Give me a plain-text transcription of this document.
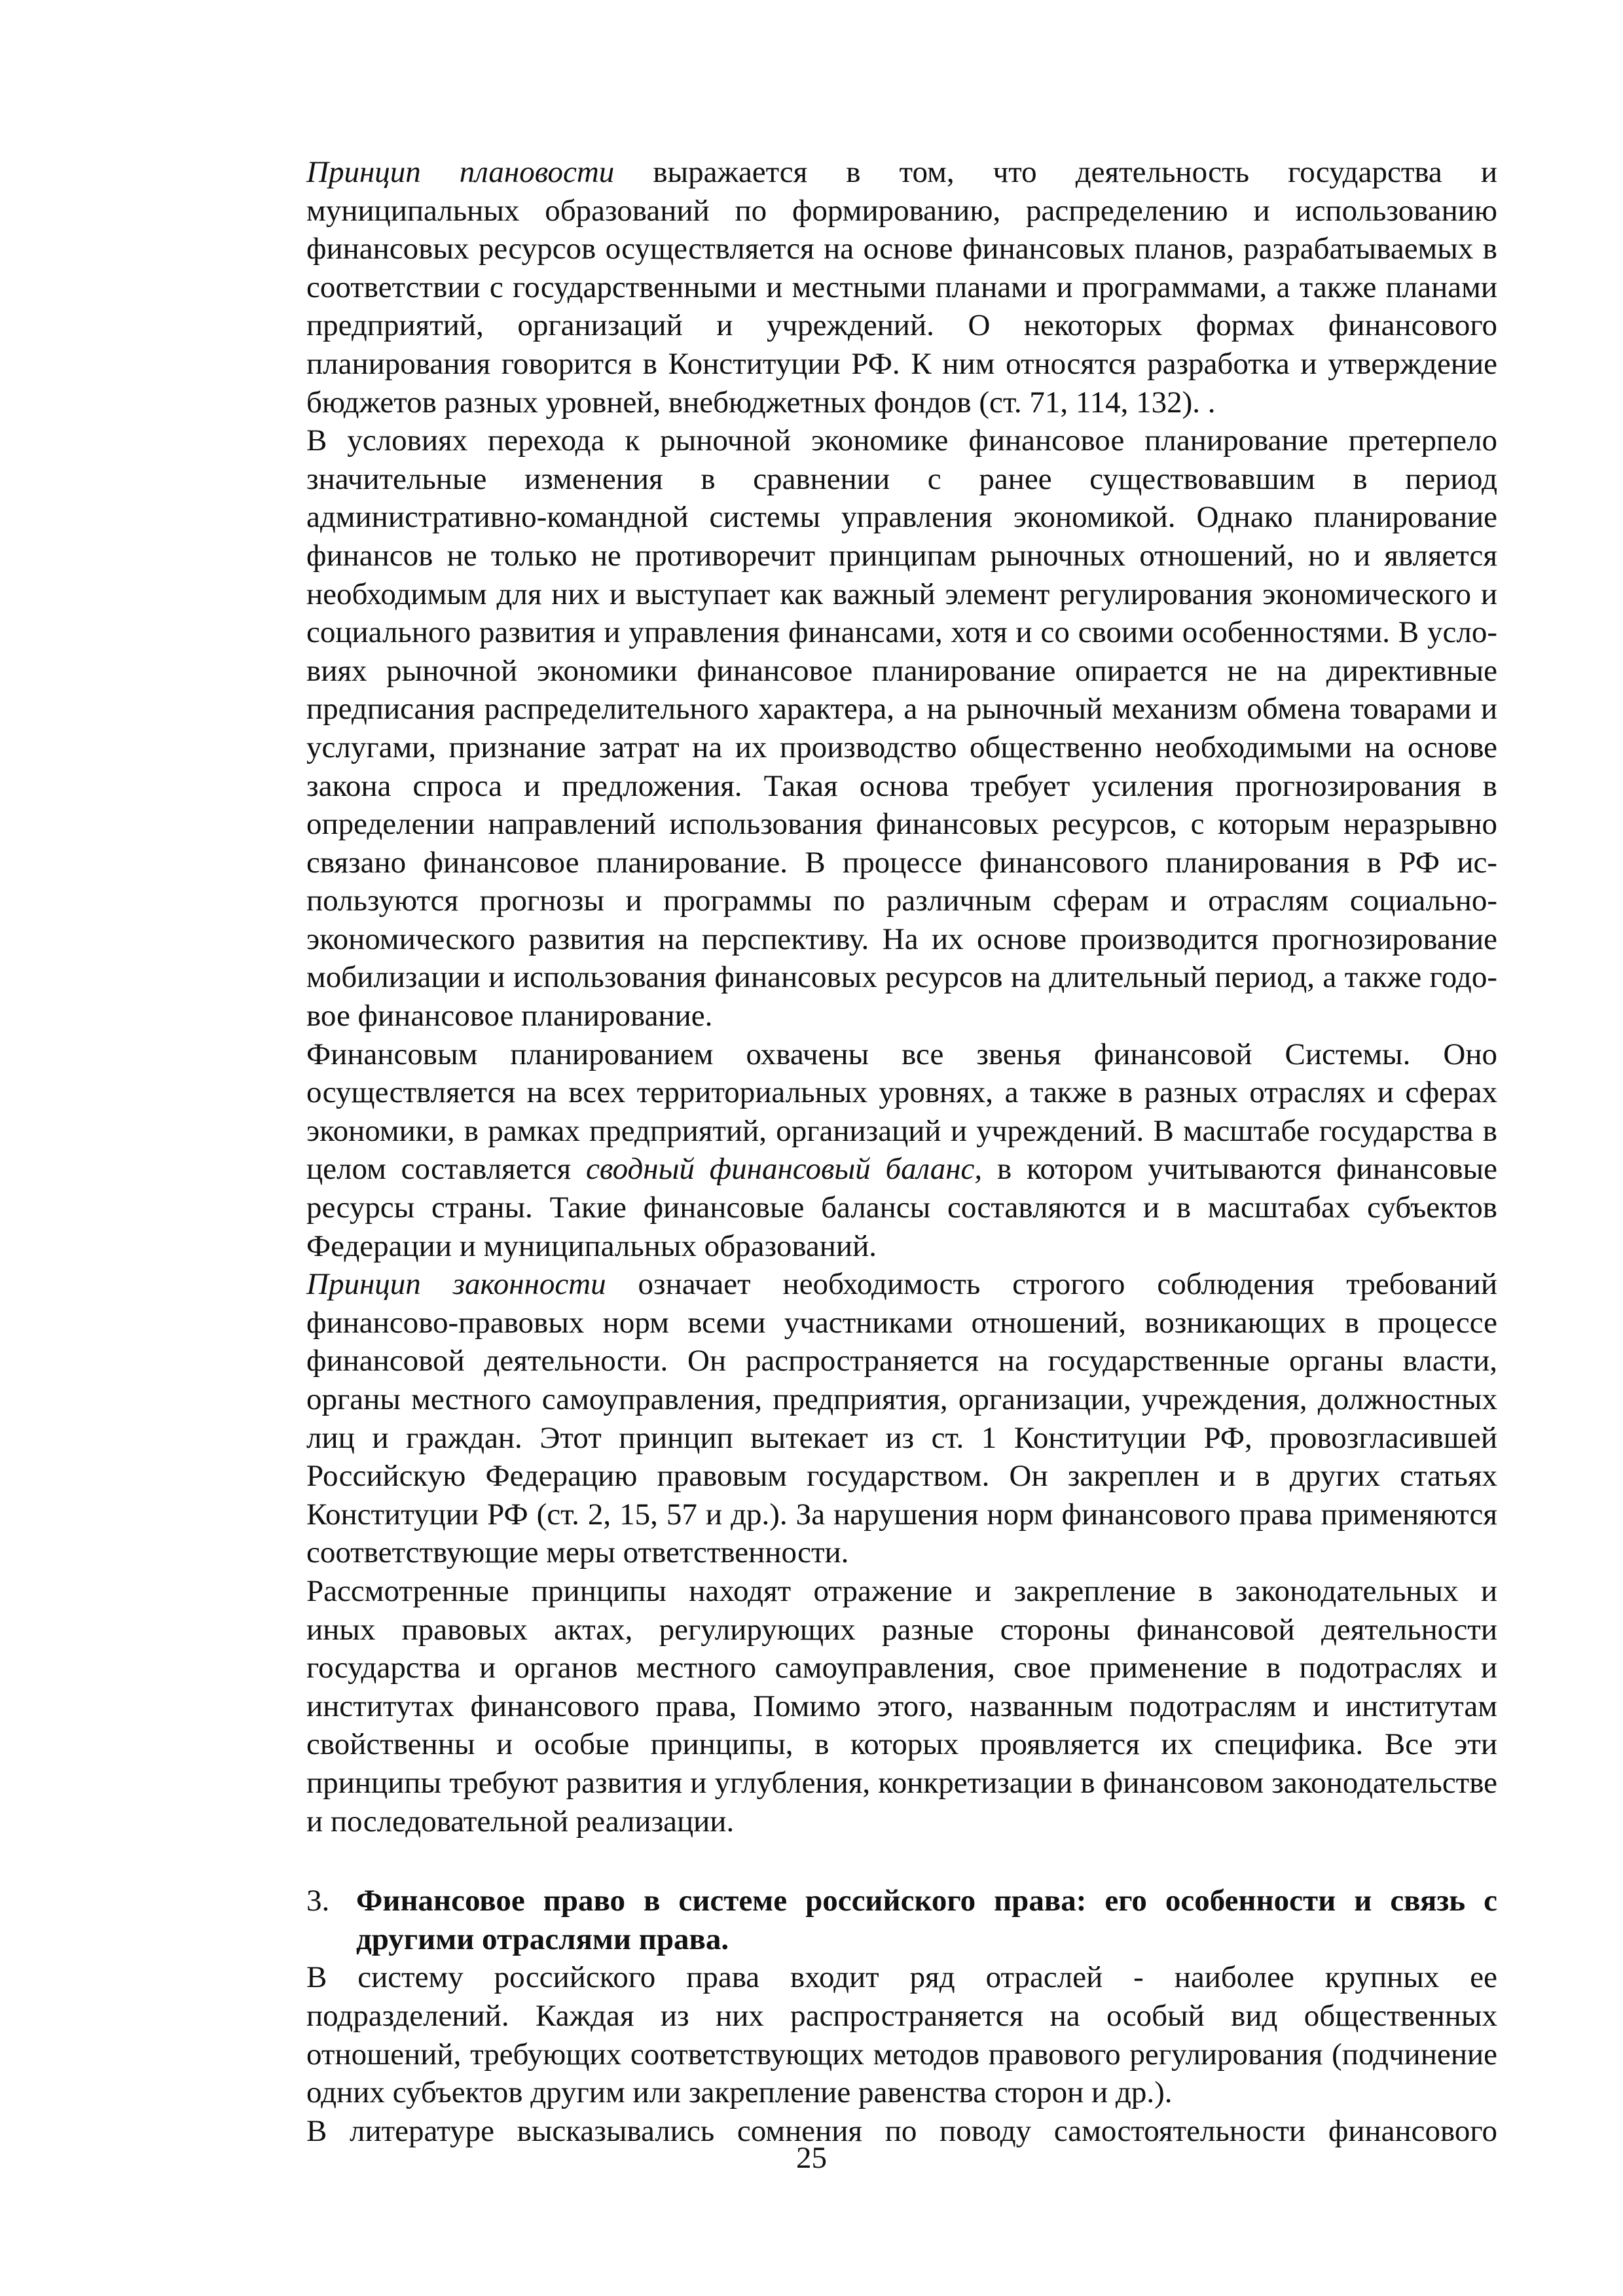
Принцип плановости выражается в том, что деятельность государства и
муниципальных образований по формированию, распределению и использованию
финансовых ресурсов осуществляется на основе финансовых планов, разрабатываемых в
соответствии с государственными и местными планами и программами, а также планами
предприятий, организаций и учреждений. О некоторых формах финансового
планирования говорится в Конституции РФ. К ним относятся разработка и утверждение
бюджетов разных уровней, внебюджетных фондов (ст. 71, 114, 132). .
В условиях перехода к рыночной экономике финансовое планирование претерпело
значительные изменения в сравнении с ранее существовавшим в период
административно-командной системы управления экономикой. Однако планирование
финансов не только не противоречит принципам рыночных отношений, но и является
необходимым для них и выступает как важный элемент регулирования экономического и
социального развития и управления финансами, хотя и со своими особенностями. В усло-
виях рыночной экономики финансовое планирование опирается не на директивные
предписания распределительного характера, а на рыночный механизм обмена товарами и
услугами, признание затрат на их производство общественно необходимыми на основе
закона спроса и предложения. Такая основа требует усиления прогнозирования в
определении направлений использования финансовых ресурсов, с которым неразрывно
связано финансовое планирование. В процессе финансового планирования в РФ ис-
пользуются прогнозы и программы по различным сферам и отраслям социально-
экономического развития на перспективу. На их основе производится прогнозирование
мобилизации и использования финансовых ресурсов на длительный период, а также годо-
вое финансовое планирование.
Финансовым планированием охвачены все звенья финансовой Системы. Оно
осуществляется на всех территориальных уровнях, а также в разных отраслях и сферах
экономики, в рамках предприятий, организаций и учреждений. В масштабе государства в
целом составляется сводный финансовый баланс, в котором учитываются финансовые
ресурсы страны. Такие финансовые балансы составляются и в масштабах субъектов
Федерации и муниципальных образований.
Принцип законности означает необходимость строгого соблюдения требований
финансово-правовых норм всеми участниками отношений, возникающих в процессе
финансовой деятельности. Он распространяется на государственные органы власти,
органы местного самоуправления, предприятия, организации, учреждения, должностных
лиц и граждан. Этот принцип вытекает из ст. 1 Конституции РФ, провозгласившей
Российскую Федерацию правовым государством. Он закреплен и в других статьях
Конституции РФ (ст. 2, 15, 57 и др.). За нарушения норм финансового права применяются
соответствующие меры ответственности.
Рассмотренные принципы находят отражение и закрепление в законодательных и
иных правовых актах, регулирующих разные стороны финансовой деятельности
государства и органов местного самоуправления, свое применение в подотраслях и
институтах финансового права, Помимо этого, названным подотраслям и институтам
свойственны и особые принципы, в которых проявляется их специфика. Все эти
принципы требуют развития и углубления, конкретизации в финансовом законодательстве
и последовательной реализации.
3. Финансовое право в системе российского права: его особенности и связь с
другими отраслями права.
В систему российского права входит ряд отраслей - наиболее крупных ее
подразделений. Каждая из них распространяется на особый вид общественных
отношений, требующих соответствующих методов правового регулирования (подчинение
одних субъектов другим или закрепление равенства сторон и др.).
В литературе высказывались сомнения по поводу самостоятельности финансового
25
